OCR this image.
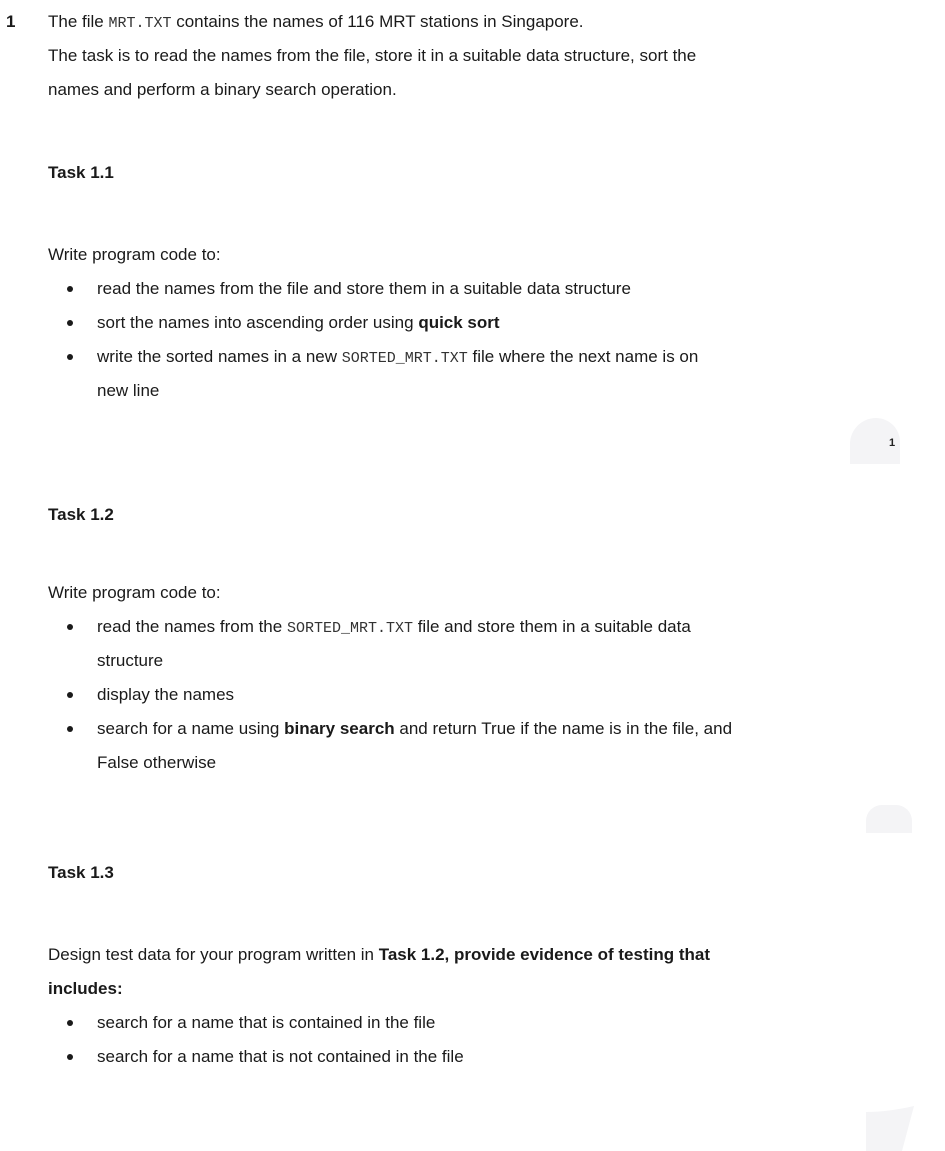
1 The file MRT.TXT contains the names of 116 MRT stations in Singapore.
The task is to read the names from the file, store it in a suitable data structure, sort the
names and perform a binary search operation.
Task 1.1
Write program code to:
read the names from the file and store them in a suitable data structure
sort the names into ascending order using quick sort
write the sorted names in a new SORTED_MRT.TXT file where the next name is on
new line
1
Task 1.2
Write program code to:
read the names from the SORTED_MRT.TXT file and store them in a suitable data
structure
display the names
search for a name using binary search and return True if the name is in the file, and
False otherwise
Task 1.3
Design test data for your program written in Task 1.2, provide evidence of testing that
includes:
search for a name that is contained in the file
search for a name that is not contained in the file
